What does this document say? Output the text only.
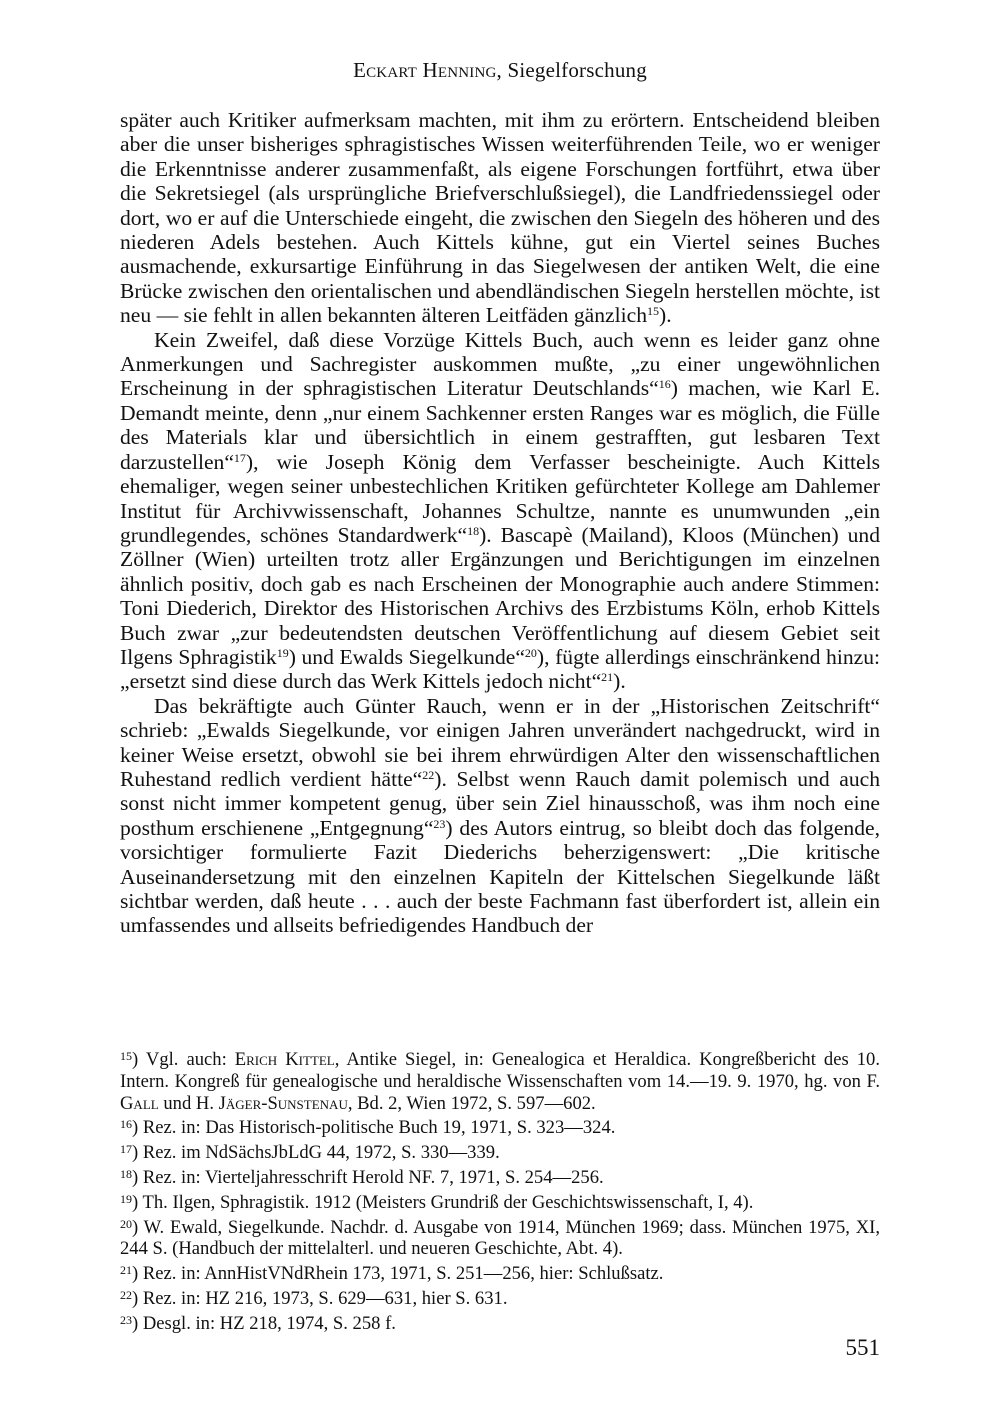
Eckart Henning, Siegelforschung

später auch Kritiker aufmerksam machten, mit ihm zu erörtern. Entscheidend bleiben aber die unser bisheriges sphragistisches Wissen weiterführenden Teile, wo er weniger die Erkenntnisse anderer zusammenfaßt, als eigene Forschungen fortführt, etwa über die Sekretsiegel (als ursprüngliche Briefverschlußsiegel), die Landfriedenssiegel oder dort, wo er auf die Unterschiede eingeht, die zwischen den Siegeln des höheren und des niederen Adels bestehen. Auch Kittels kühne, gut ein Viertel seines Buches ausmachende, exkursartige Einführung in das Siegelwesen der antiken Welt, die eine Brücke zwischen den orientalischen und abendländischen Siegeln herstellen möchte, ist neu — sie fehlt in allen bekannten älteren Leitfäden gänzlich$^{15}$).

Kein Zweifel, daß diese Vorzüge Kittels Buch, auch wenn es leider ganz ohne Anmerkungen und Sachregister auskommen mußte, „zu einer ungewöhnlichen Erscheinung in der sphragistischen Literatur Deutschlands“$^{16}$) machen, wie Karl E. Demandt meinte, denn „nur einem Sachkenner ersten Ranges war es möglich, die Fülle des Materials klar und übersichtlich in einem gestrafften, gut lesbaren Text darzustellen“$^{17}$), wie Joseph König dem Verfasser bescheinigte. Auch Kittels ehemaliger, wegen seiner unbestechlichen Kritiken gefürchteter Kollege am Dahlemer Institut für Archivwissenschaft, Johannes Schultze, nannte es unumwunden „ein grundlegendes, schönes Standardwerk“$^{18}$). Bascapè (Mailand), Kloos (München) und Zöllner (Wien) urteilten trotz aller Ergänzungen und Berichtigungen im einzelnen ähnlich positiv, doch gab es nach Erscheinen der Monographie auch andere Stimmen: Toni Diederich, Direktor des Historischen Archivs des Erzbistums Köln, erhob Kittels Buch zwar „zur bedeutendsten deutschen Veröffentlichung auf diesem Gebiet seit Ilgens Sphragistik$^{19}$) und Ewalds Siegelkunde“$^{20}$), fügte allerdings einschränkend hinzu: „ersetzt sind diese durch das Werk Kittels jedoch nicht“$^{21}$).

Das bekräftigte auch Günter Rauch, wenn er in der „Historischen Zeitschrift“ schrieb: „Ewalds Siegelkunde, vor einigen Jahren unverändert nachgedruckt, wird in keiner Weise ersetzt, obwohl sie bei ihrem ehrwürdigen Alter den wissenschaftlichen Ruhestand redlich verdient hätte“$^{22}$). Selbst wenn Rauch damit polemisch und auch sonst nicht immer kompetent genug, über sein Ziel hinausschoß, was ihm noch eine posthum erschienene „Entgegnung“$^{23}$) des Autors eintrug, so bleibt doch das folgende, vorsichtiger formulierte Fazit Diederichs beherzigenswert: „Die kritische Auseinandersetzung mit den einzelnen Kapiteln der Kittelschen Siegelkunde läßt sichtbar werden, daß heute . . . auch der beste Fachmann fast überfordert ist, allein ein umfassendes und allseits befriedigendes Handbuch der

$^{15}$) Vgl. auch: Erich Kittel, Antike Siegel, in: Genealogica et Heraldica. Kongreßbericht des 10. Intern. Kongreß für genealogische und heraldische Wissenschaften vom 14.—19. 9. 1970, hg. von F. Gall und H. Jäger-Sunstenau, Bd. 2, Wien 1972, S. 597—602.

$^{16}$) Rez. in: Das Historisch-politische Buch 19, 1971, S. 323—324.

$^{17}$) Rez. im NdSächsJbLdG 44, 1972, S. 330—339.

$^{18}$) Rez. in: Vierteljahresschrift Herold NF. 7, 1971, S. 254—256.

$^{19}$) Th. Ilgen, Sphragistik. 1912 (Meisters Grundriß der Geschichtswissenschaft, I, 4).

$^{20}$) W. Ewald, Siegelkunde. Nachdr. d. Ausgabe von 1914, München 1969; dass. München 1975, XI, 244 S. (Handbuch der mittelalterl. und neueren Geschichte, Abt. 4).

$^{21}$) Rez. in: AnnHistVNdRhein 173, 1971, S. 251—256, hier: Schlußsatz.

$^{22}$) Rez. in: HZ 216, 1973, S. 629—631, hier S. 631.

$^{23}$) Desgl. in: HZ 218, 1974, S. 258 f.

551
